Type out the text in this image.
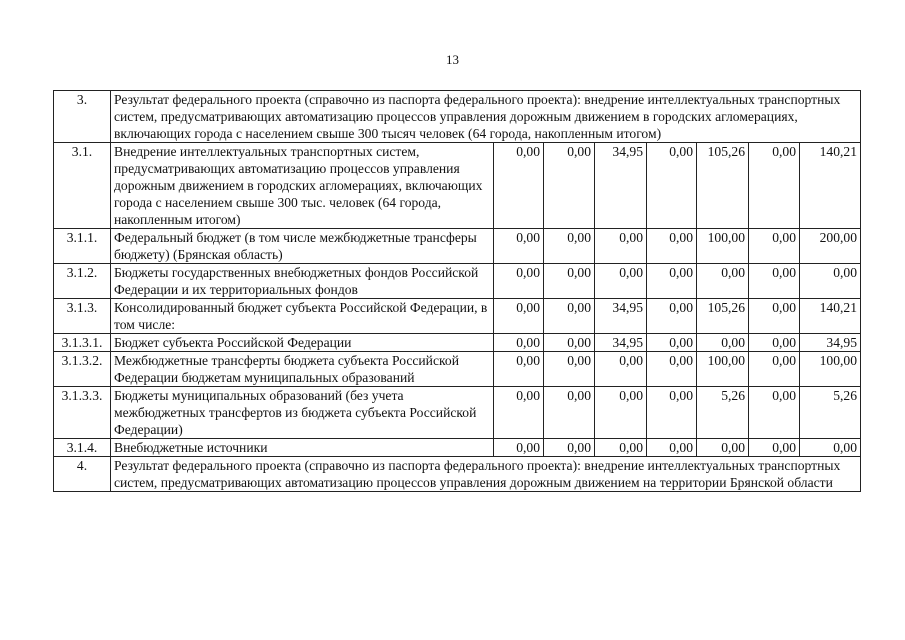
13
3.	Результат федерального проекта (справочно из паспорта федерального проекта): внедрение интеллектуальных транспортных систем, предусматривающих автоматизацию процессов управления дорожным движением в городских агломерациях, включающих города с населением свыше 300 тысяч человек (64 города, накопленным итогом)							
3.1.	Внедрение интеллектуальных транспортных систем, предусматривающих автоматизацию процессов управления дорожным движением в городских агломерациях, включающих города с населением свыше 300 тыс. человек (64 города, накопленным итогом)	0,00	0,00	34,95	0,00	105,26	0,00	140,21
3.1.1.	Федеральный бюджет (в том числе межбюджетные трансферы бюджету) (Брянская область)	0,00	0,00	0,00	0,00	100,00	0,00	200,00
3.1.2.	Бюджеты государственных внебюджетных фондов Российской Федерации и их территориальных фондов	0,00	0,00	0,00	0,00	0,00	0,00	0,00
3.1.3.	Консолидированный бюджет субъекта Российской Федерации, в том числе:	0,00	0,00	34,95	0,00	105,26	0,00	140,21
3.1.3.1.	Бюджет субъекта Российской Федерации	0,00	0,00	34,95	0,00	0,00	0,00	34,95
3.1.3.2.	Межбюджетные трансферты бюджета субъекта Российской Федерации бюджетам муниципальных образований	0,00	0,00	0,00	0,00	100,00	0,00	100,00
3.1.3.3.	Бюджеты муниципальных образований (без учета межбюджетных трансфертов из бюджета субъекта Российской Федерации)	0,00	0,00	0,00	0,00	5,26	0,00	5,26
3.1.4.	Внебюджетные источники	0,00	0,00	0,00	0,00	0,00	0,00	0,00
4.	Результат федерального проекта (справочно из паспорта федерального проекта): внедрение интеллектуальных транспортных систем, предусматривающих автоматизацию процессов управления дорожным движением на территории Брянской области							
